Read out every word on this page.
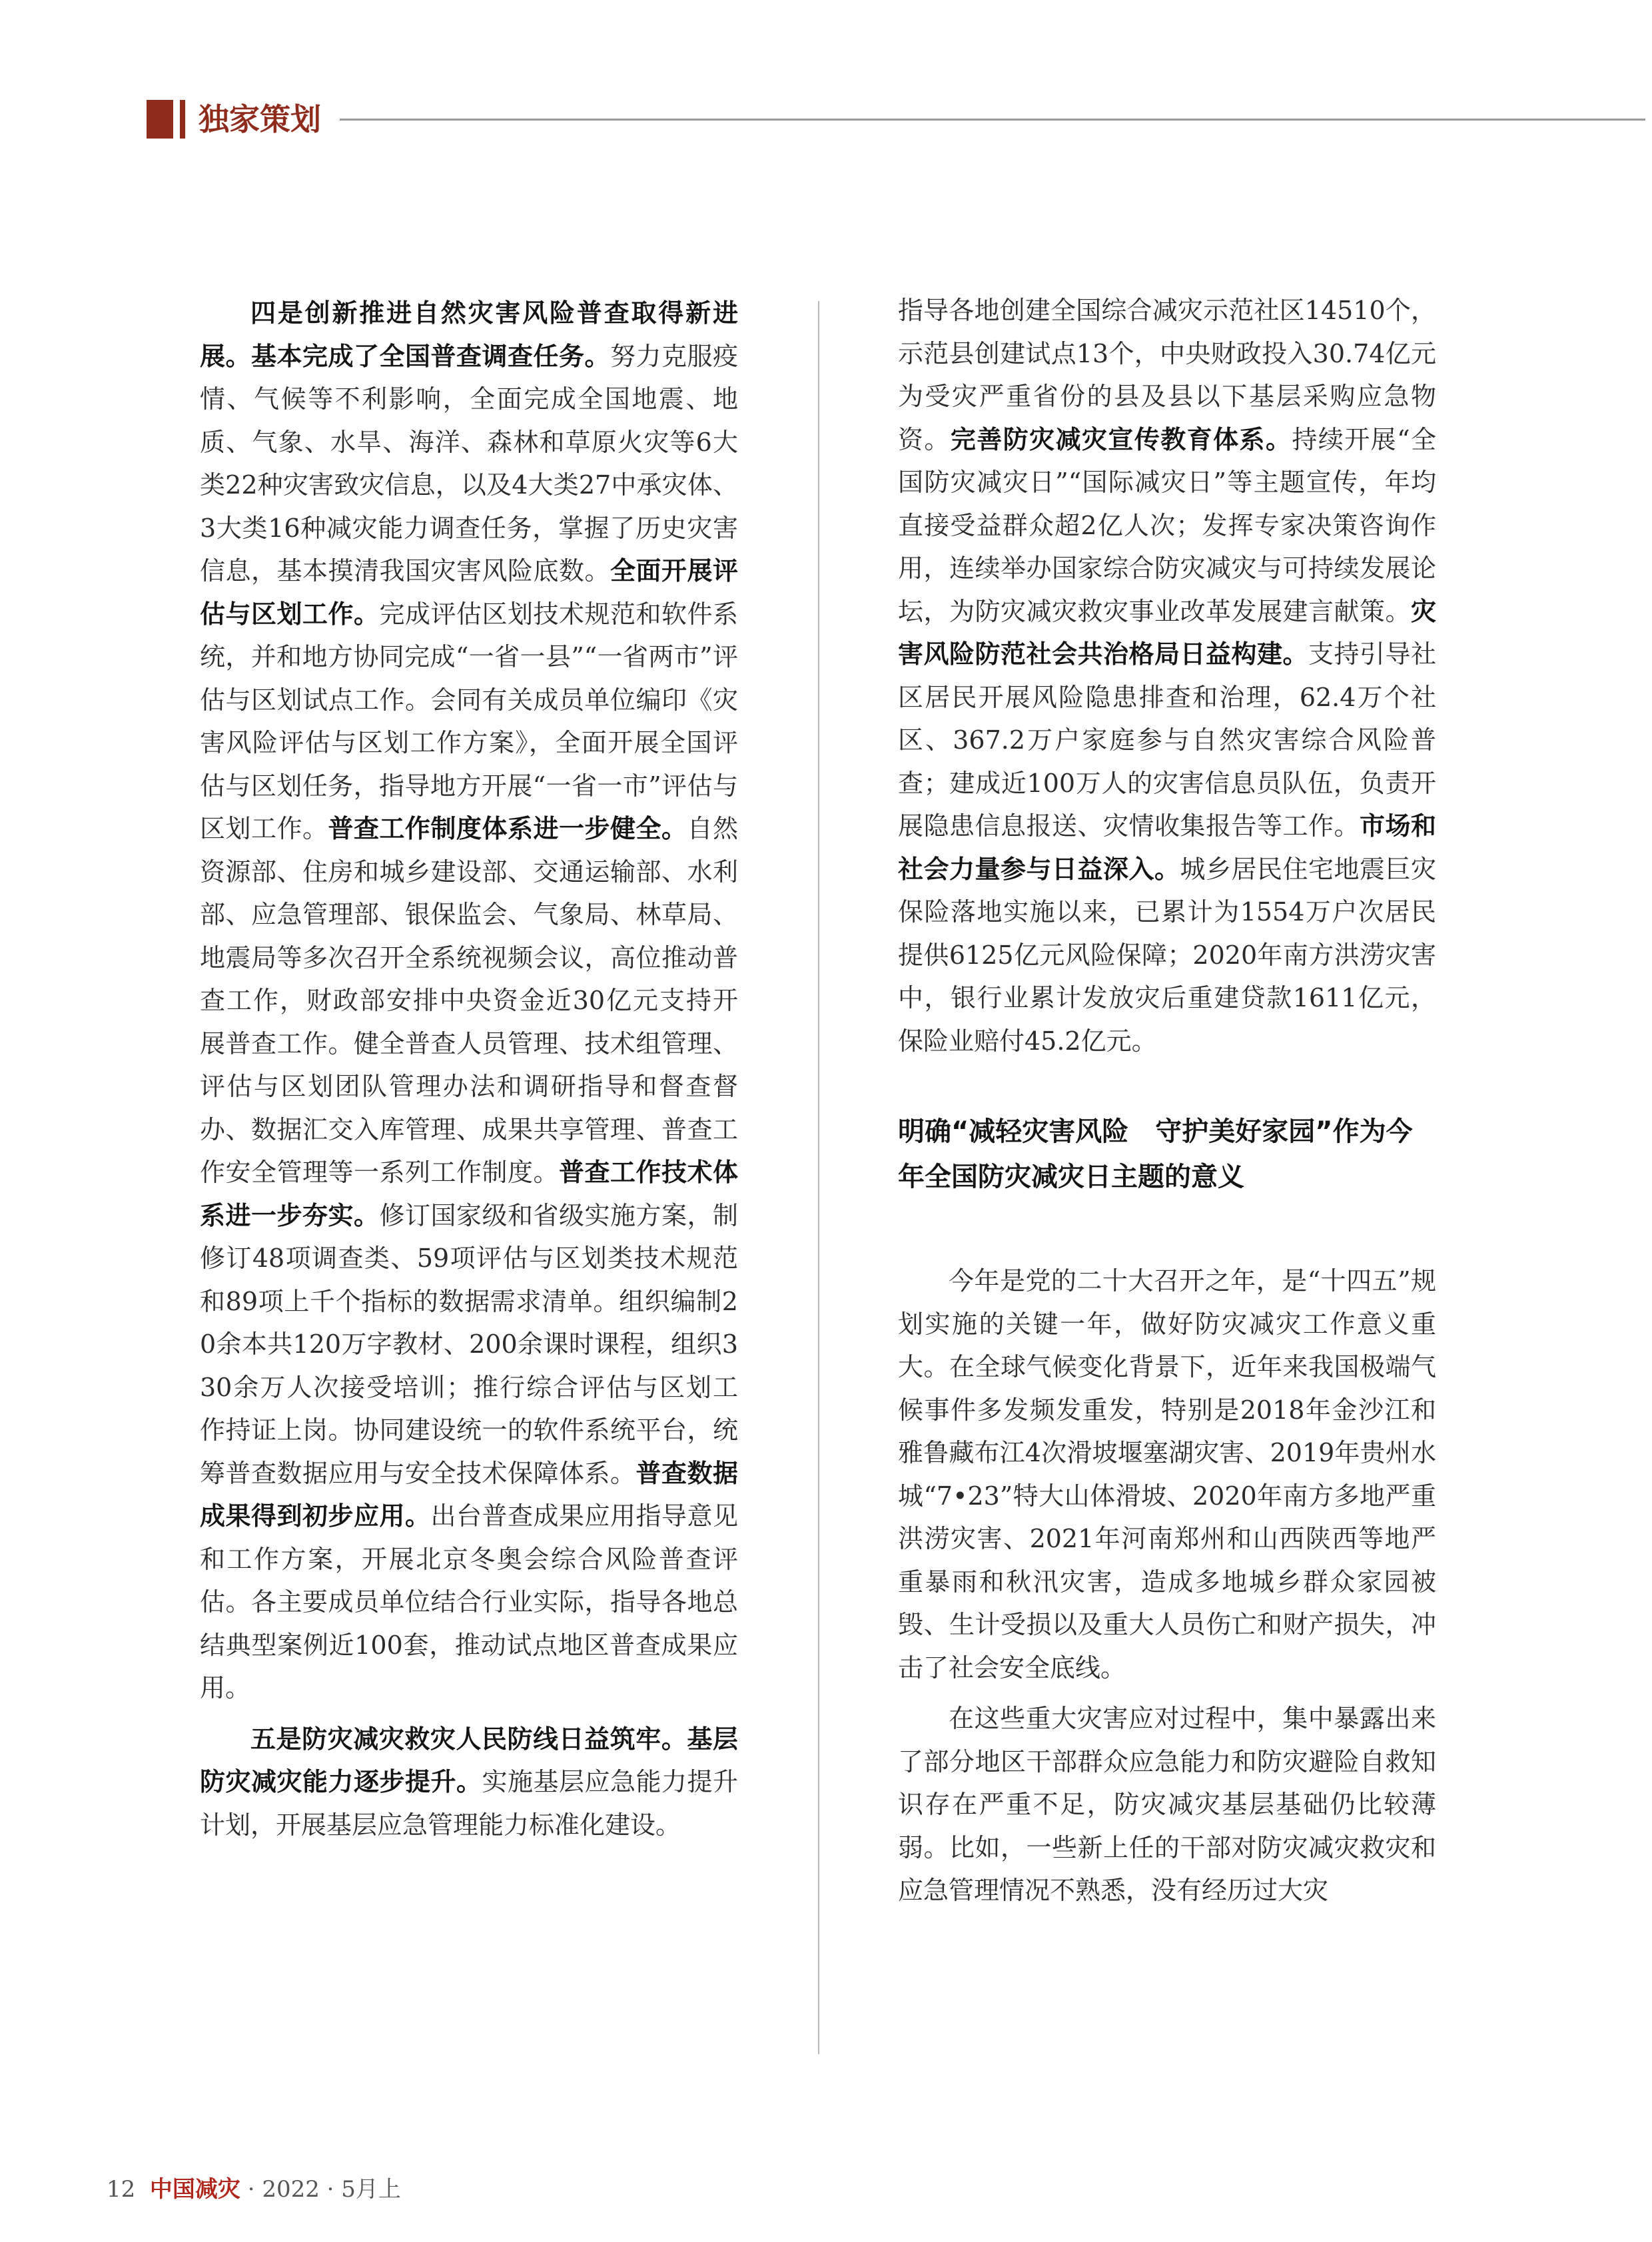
独家策划

四是创新推进自然灾害风险普查取得新进展。基本完成了全国普查调查任务。努力克服疫情、气候等不利影响，全面完成全国地震、地质、气象、水旱、海洋、森林和草原火灾等6大类22种灾害致灾信息，以及4大类27中承灾体、3大类16种减灾能力调查任务，掌握了历史灾害信息，基本摸清我国灾害风险底数。全面开展评估与区划工作。完成评估区划技术规范和软件系统，并和地方协同完成“一省一县”“一省两市”评估与区划试点工作。会同有关成员单位编印《灾害风险评估与区划工作方案》，全面开展全国评估与区划任务，指导地方开展“一省一市”评估与区划工作。普查工作制度体系进一步健全。自然资源部、住房和城乡建设部、交通运输部、水利部、应急管理部、银保监会、气象局、林草局、地震局等多次召开全系统视频会议，高位推动普查工作，财政部安排中央资金近30亿元支持开展普查工作。健全普查人员管理、技术组管理、评估与区划团队管理办法和调研指导和督查督办、数据汇交入库管理、成果共享管理、普查工作安全管理等一系列工作制度。普查工作技术体系进一步夯实。修订国家级和省级实施方案，制修订48项调查类、59项评估与区划类技术规范和89项上千个指标的数据需求清单。组织编制20余本共120万字教材、200余课时课程，组织330余万人次接受培训；推行综合评估与区划工作持证上岗。协同建设统一的软件系统平台，统筹普查数据应用与安全技术保障体系。普查数据成果得到初步应用。出台普查成果应用指导意见和工作方案，开展北京冬奥会综合风险普查评估。各主要成员单位结合行业实际，指导各地总结典型案例近100套，推动试点地区普查成果应用。

五是防灾减灾救灾人民防线日益筑牢。基层防灾减灾能力逐步提升。实施基层应急能力提升计划，开展基层应急管理能力标准化建设。

指导各地创建全国综合减灾示范社区14510个，示范县创建试点13个，中央财政投入30.74亿元为受灾严重省份的县及县以下基层采购应急物资。完善防灾减灾宣传教育体系。持续开展“全国防灾减灾日”“国际减灾日”等主题宣传，年均直接受益群众超2亿人次；发挥专家决策咨询作用，连续举办国家综合防灾减灾与可持续发展论坛，为防灾减灾救灾事业改革发展建言献策。灾害风险防范社会共治格局日益构建。支持引导社区居民开展风险隐患排查和治理，62.4万个社区、367.2万户家庭参与自然灾害综合风险普查；建成近100万人的灾害信息员队伍，负责开展隐患信息报送、灾情收集报告等工作。市场和社会力量参与日益深入。城乡居民住宅地震巨灾保险落地实施以来，已累计为1554万户次居民提供6125亿元风险保障；2020年南方洪涝灾害中，银行业累计发放灾后重建贷款1611亿元，保险业赔付45.2亿元。

明确“减轻灾害风险　守护美好家园”作为今年全国防灾减灾日主题的意义

今年是党的二十大召开之年，是“十四五”规划实施的关键一年，做好防灾减灾工作意义重大。在全球气候变化背景下，近年来我国极端气候事件多发频发重发，特别是2018年金沙江和雅鲁藏布江4次滑坡堰塞湖灾害、2019年贵州水城“7•23”特大山体滑坡、2020年南方多地严重洪涝灾害、2021年河南郑州和山西陕西等地严重暴雨和秋汛灾害，造成多地城乡群众家园被毁、生计受损以及重大人员伤亡和财产损失，冲击了社会安全底线。

在这些重大灾害应对过程中，集中暴露出来了部分地区干部群众应急能力和防灾避险自救知识存在严重不足，防灾减灾基层基础仍比较薄弱。比如，一些新上任的干部对防灾减灾救灾和应急管理情况不熟悉，没有经历过大灾

12 中国减灾 · 2022 · 5月上
